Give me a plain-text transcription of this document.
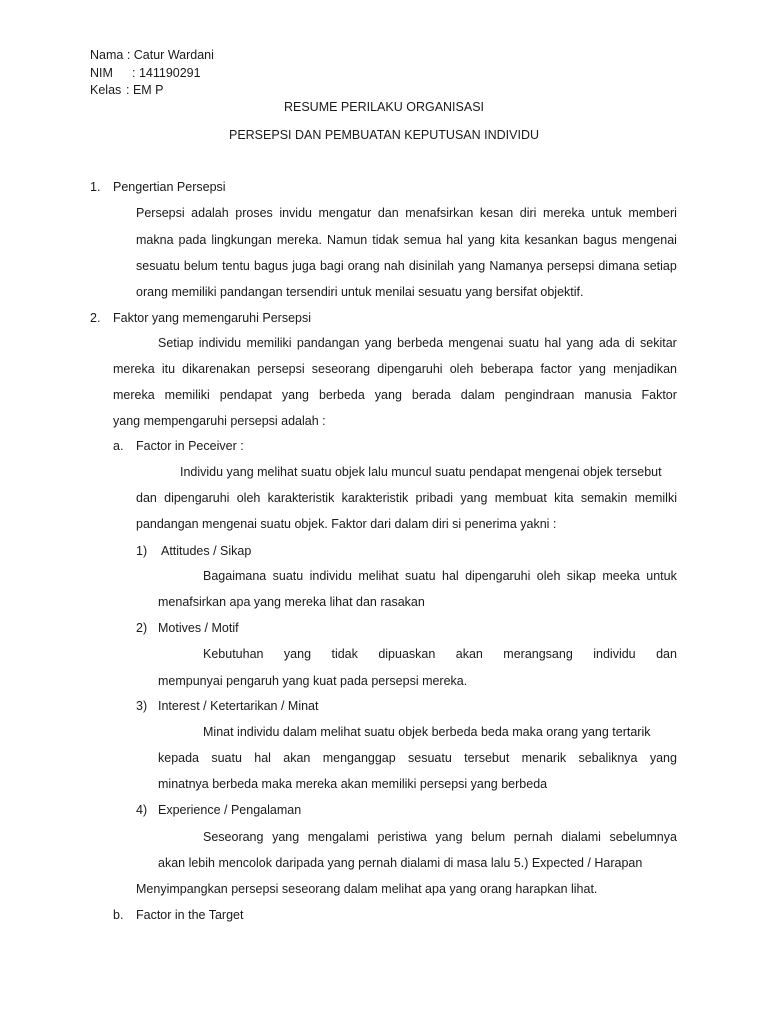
Nama : Catur Wardani
NIM : 141190291
Kelas : EM P
RESUME PERILAKU ORGANISASI
PERSEPSI DAN PEMBUATAN KEPUTUSAN INDIVIDU
1. Pengertian Persepsi
Persepsi adalah proses invidu mengatur dan menafsirkan kesan diri mereka untuk memberi
makna pada lingkungan mereka. Namun tidak semua hal yang kita kesankan bagus mengenai
sesuatu belum tentu bagus juga bagi orang nah disinilah yang Namanya persepsi dimana setiap
orang memiliki pandangan tersendiri untuk menilai sesuatu yang bersifat objektif.
2. Faktor yang memengaruhi Persepsi
Setiap individu memiliki pandangan yang berbeda mengenai suatu hal yang ada di sekitar
mereka itu dikarenakan persepsi seseorang dipengaruhi oleh beberapa factor yang menjadikan
mereka memiliki pendapat yang berbeda yang berada dalam pengindraan manusia Faktor
yang mempengaruhi persepsi adalah :
a. Factor in Peceiver :
Individu yang melihat suatu objek lalu muncul suatu pendapat mengenai objek tersebut
dan dipengaruhi oleh karakteristik karakteristik pribadi yang membuat kita semakin memilki
pandangan mengenai suatu objek. Faktor dari dalam diri si penerima yakni :
1) Attitudes / Sikap
Bagaimana suatu individu melihat suatu hal dipengaruhi oleh sikap meeka untuk
menafsirkan apa yang mereka lihat dan rasakan
2) Motives / Motif
Kebutuhan yang tidak dipuaskan akan merangsang individu dan
mempunyai pengaruh yang kuat pada persepsi mereka.
3) Interest / Ketertarikan / Minat
Minat individu dalam melihat suatu objek berbeda beda maka orang yang tertarik
kepada suatu hal akan menganggap sesuatu tersebut menarik sebaliknya yang
minatnya berbeda maka mereka akan memiliki persepsi yang berbeda
4) Experience / Pengalaman
Seseorang yang mengalami peristiwa yang belum pernah dialami sebelumnya
akan lebih mencolok daripada yang pernah dialami di masa lalu 5.) Expected / Harapan
Menyimpangkan persepsi seseorang dalam melihat apa yang orang harapkan lihat.
b. Factor in the Target
